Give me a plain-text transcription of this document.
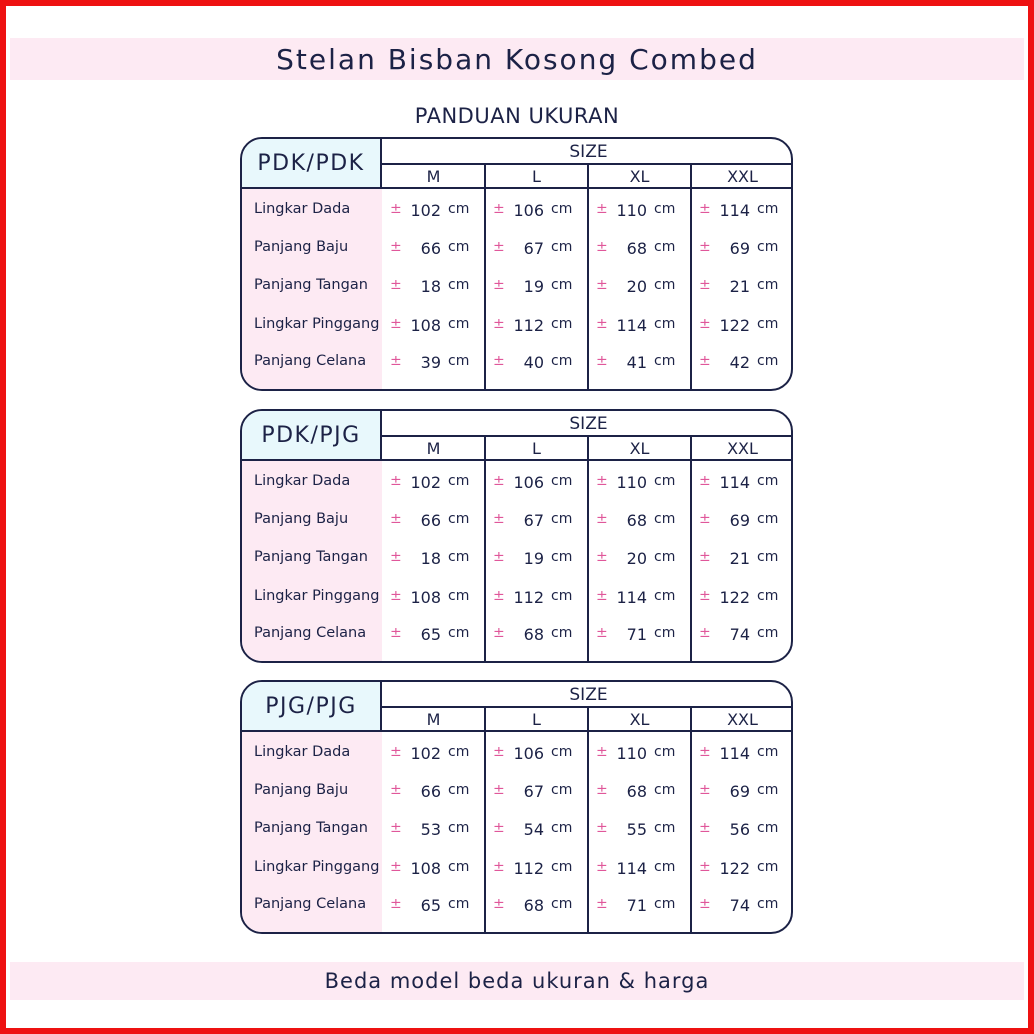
Stelan Bisban Kosong Combed
PANDUAN UKURAN
PDK/PDK	SIZE
M	L	XL	XXL
Lingkar Dada	± 102 cm ± 106 cm ± 110 cm ± 114 cm
Panjang Baju	± 66 cm ± 67 cm ± 68 cm ± 69 cm
Panjang Tangan ± 18 cm ± 19 cm ± 20 cm ± 21 cm
Lingkar Pinggang ± 108 cm ± 112 cm ± 114 cm ± 122 cm
Panjang Celana ± 39 cm ± 40 cm ± 41 cm ± 42 cm
PDK/PJG	SIZE
M	L	XL	XXL
Lingkar Dada	± 102 cm ± 106 cm ± 110 cm ± 114 cm
Panjang Baju	± 66 cm ± 67 cm ± 68 cm ± 69 cm
Panjang Tangan ± 18 cm ± 19 cm ± 20 cm ± 21 cm
Lingkar Pinggang ± 108 cm ± 112 cm ± 114 cm ± 122 cm
Panjang Celana ± 65 cm ± 68 cm ± 71 cm ± 74 cm
PJG/PJG	SIZE
M	L	XL	XXL
Lingkar Dada	± 102 cm ± 106 cm ± 110 cm ± 114 cm
Panjang Baju	± 66 cm ± 67 cm ± 68 cm ± 69 cm
Panjang Tangan ± 53 cm ± 54 cm ± 55 cm ± 56 cm
Lingkar Pinggang ± 108 cm ± 112 cm ± 114 cm ± 122 cm
Panjang Celana ± 65 cm ± 68 cm ± 71 cm ± 74 cm
Beda model beda ukuran & harga
